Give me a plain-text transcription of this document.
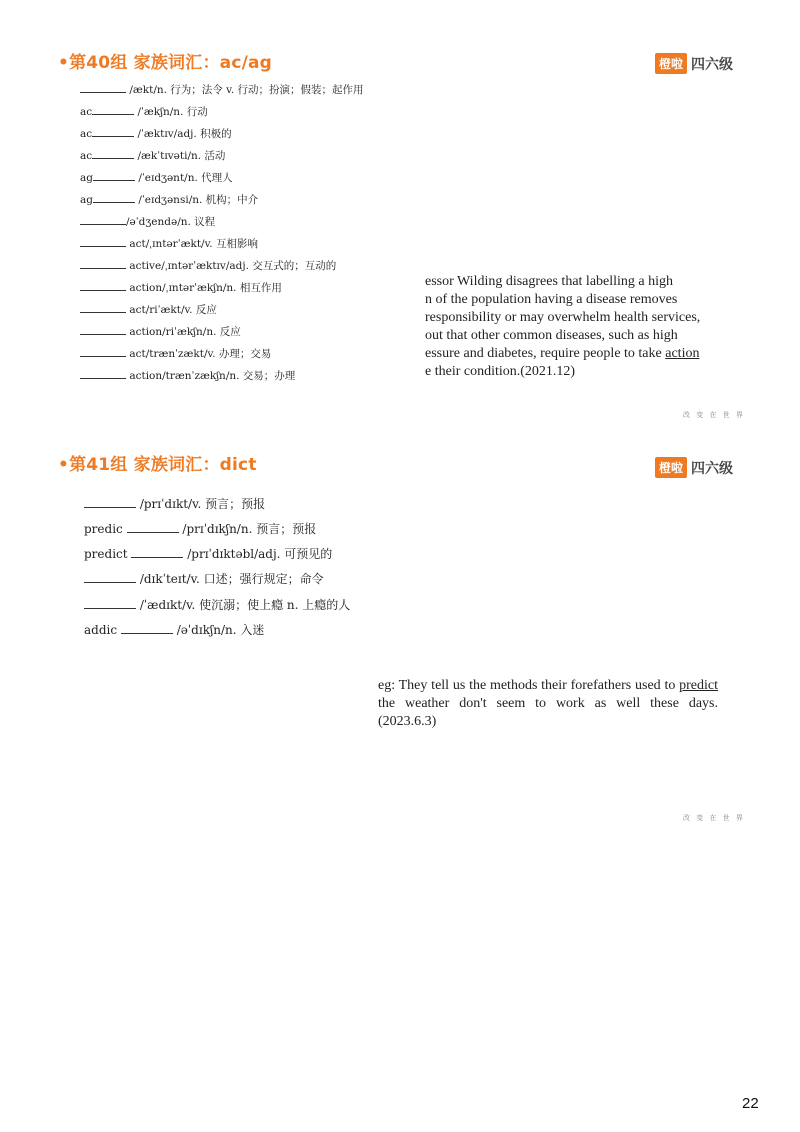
•第40组 家族词汇：ac/ag	橙啦 四六级
/ækt/n. 行为；法令 v. 行动；扮演；假装；起作用
ac	/ˈækʃn/n. 行动
ac	/ˈæktɪv/adj. 积极的
ac	/ækˈtɪvəti/n. 活动
ag	/ˈeɪdʒənt/n. 代理人
ag	/ˈeɪdʒənsi/n. 机构；中介
/əˈdʒendə/n. 议程
act/ˌɪntərˈækt/v. 互相影响
active/ˌɪntərˈæktɪv/adj. 交互式的；互动的
action/ˌɪntərˈækʃn/n. 相互作用
act/riˈækt/v. 反应
action/riˈækʃn/n. 反应
act/trænˈzækt/v. 办理；交易
action/trænˈzækʃn/n. 交易；办理
essor Wilding disagrees that labelling a high
n of the population having a disease removes
responsibility or may overwhelm health services,
out that other common diseases, such as high
essure and diabetes, require people to take action
e their condition.(2021.12)
改 变 在 世 界
•第41组 家族词汇：dict	橙啦 四六级
/prɪˈdɪkt/v. 预言；预报
predic	/prɪˈdɪkʃn/n. 预言；预报
predict	/prɪˈdɪktəbl/adj. 可预见的
/dɪkˈteɪt/v. 口述；强行规定；命令
/ˈædɪkt/v. 使沉溺；使上瘾 n. 上瘾的人
addic	/əˈdɪkʃn/n. 入迷
eg: They tell us the methods their forefathers used to predict the weather don't seem to work as well these days.(2023.6.3)
改 变 在 世 界
22
